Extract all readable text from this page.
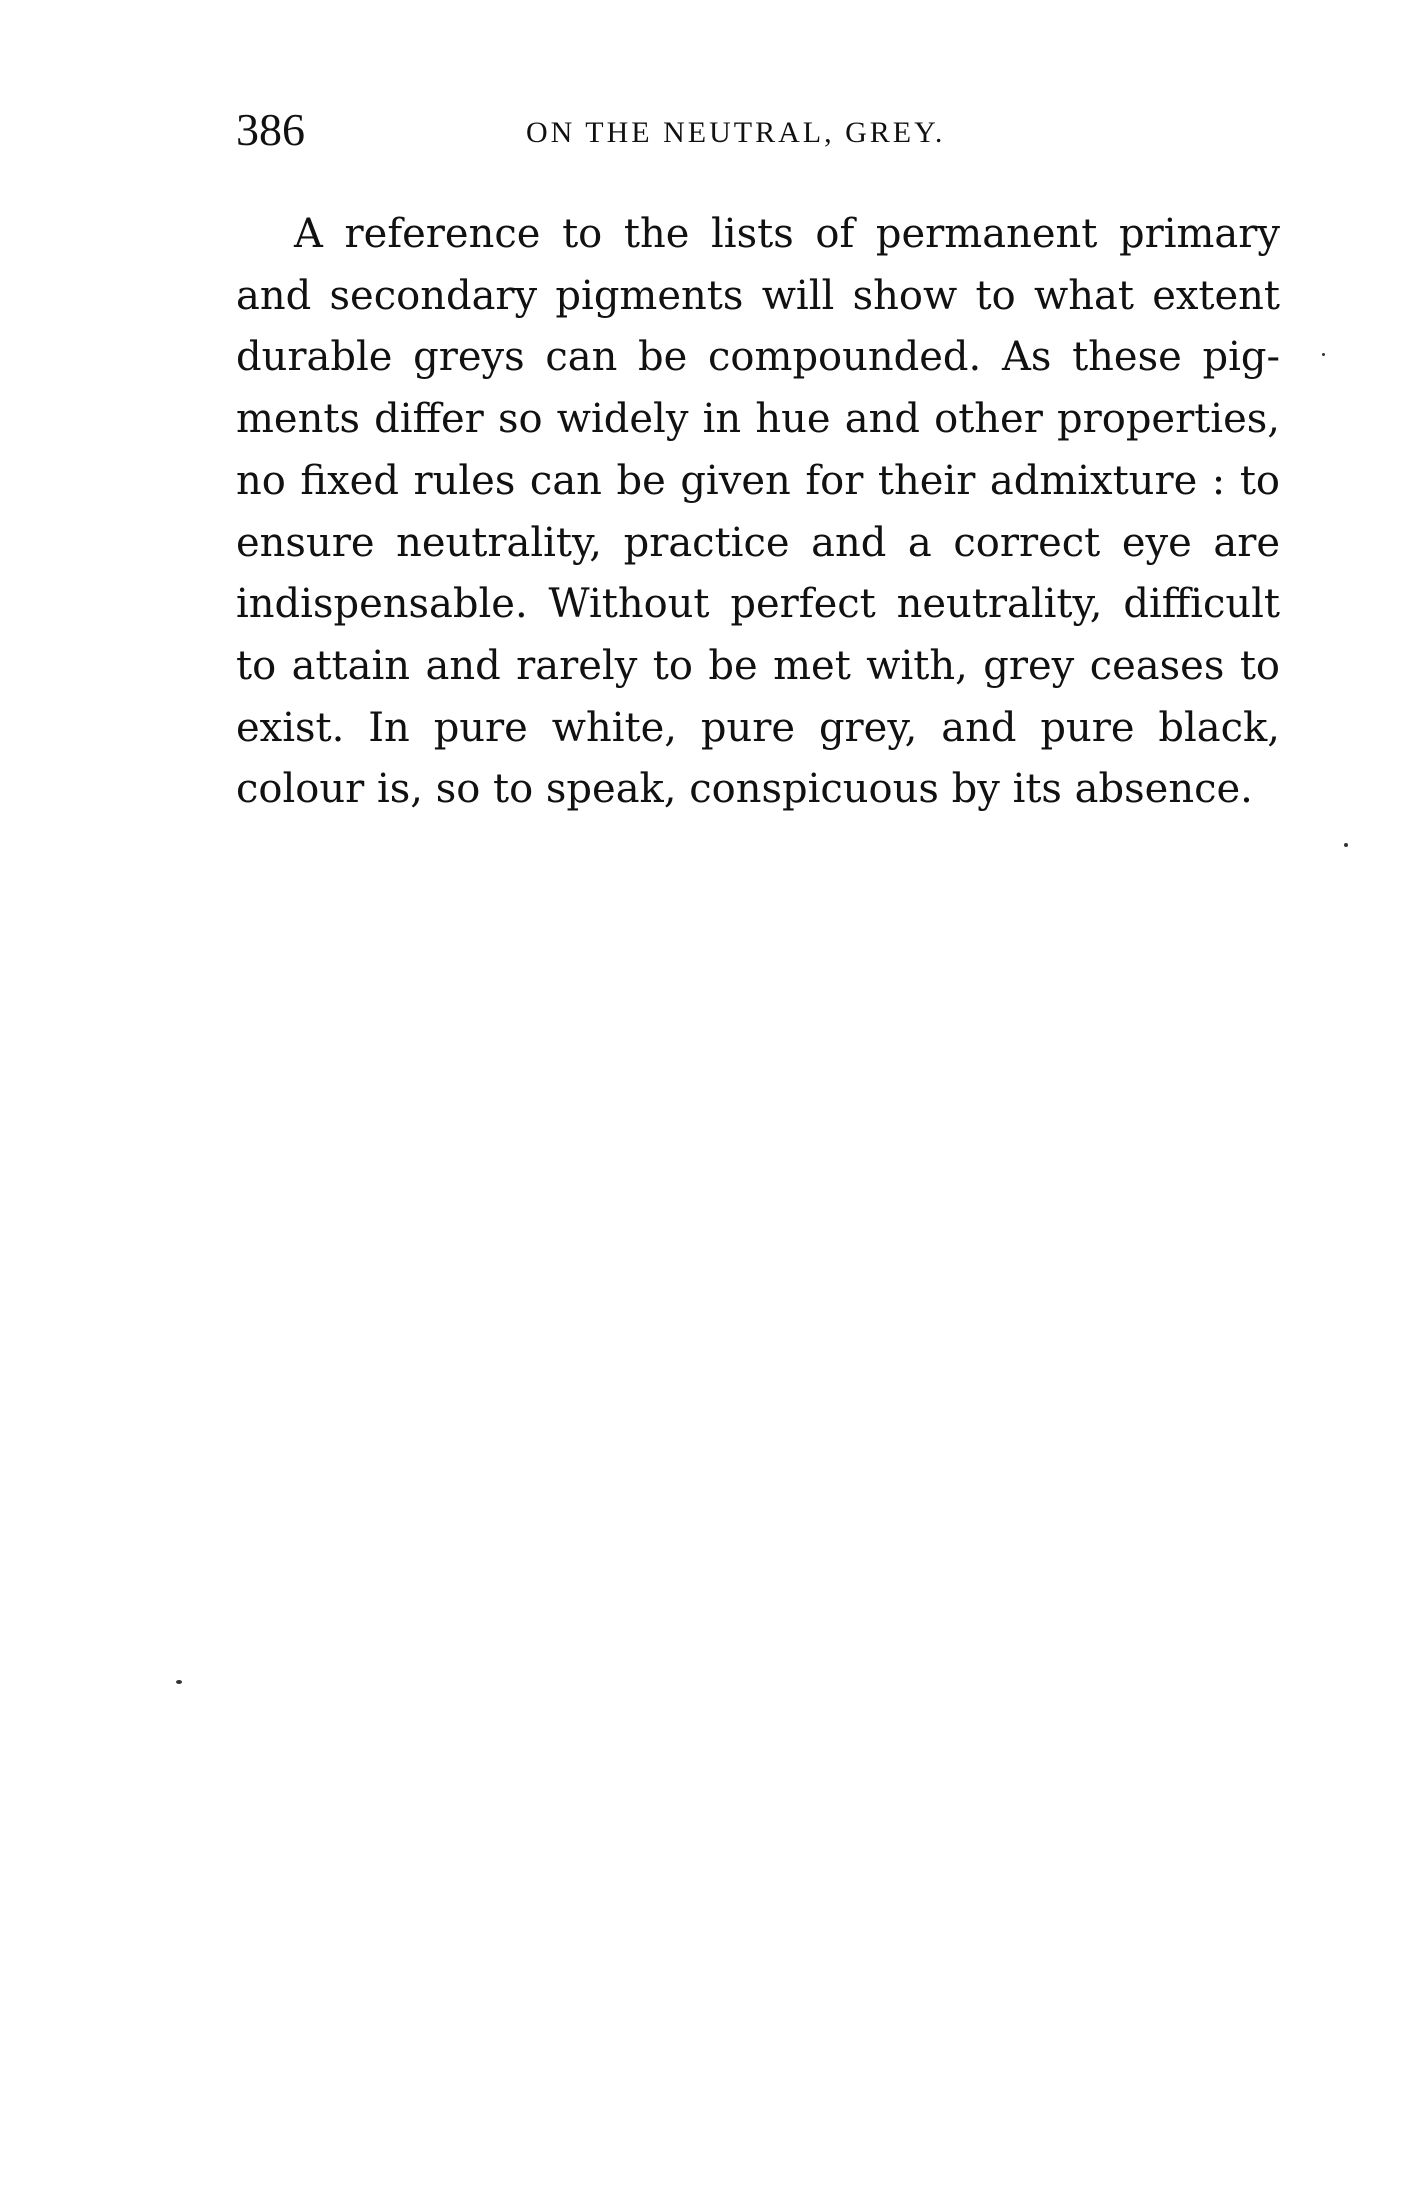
386	ON THE NEUTRAL, GREY.

A reference to the lists of permanent primary and secondary pigments will show to what extent durable greys can be compounded. As these pigments differ so widely in hue and other properties, no fixed rules can be given for their admixture : to ensure neutrality, practice and a correct eye are indispensable. Without perfect neutrality, difficult to attain and rarely to be met with, grey ceases to exist. In pure white, pure grey, and pure black, colour is, so to speak, conspicuous by its absence.
